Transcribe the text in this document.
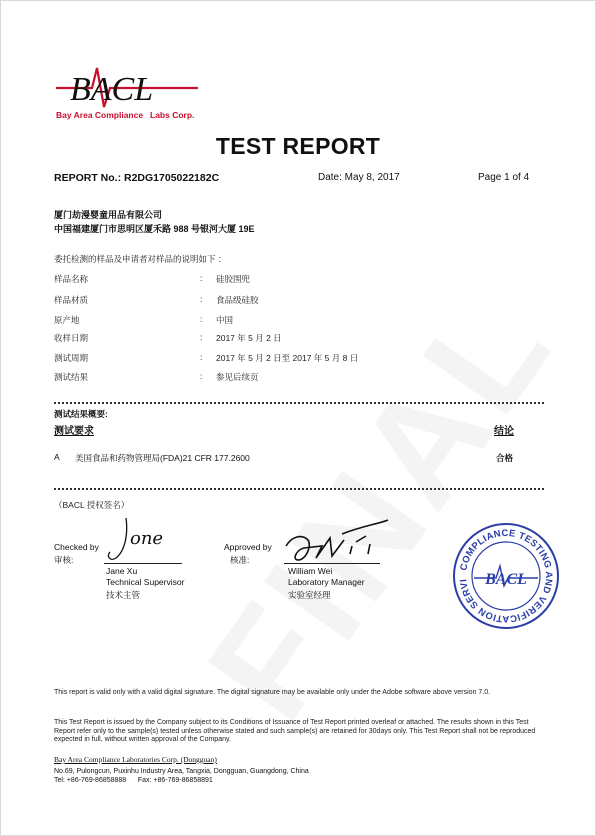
BACL
Bay Area Compliance Labs Corp.
TEST REPORT
REPORT No.: R2DG1705022182C	Date: May 8, 2017	Page 1 of 4
厦门劫漫婴童用品有限公司
中国福建厦门市思明区厦禾路 988 号银河大厦 19E
委托检测的样品及申请者对样品的说明如下 ：
样品名称	: 硅胶围兜
样品材质	: 食品级硅胶
原产地	: 中国
收样日期	: 2017 年 5 月 2 日
测试周期	: 2017 年 5 月 2 日至 2017 年 5 月 8 日
测试结果	: 参见后续页
测试结果概要:
测试要求	结论
A 美国食品和药物管理局(FDA)21 CFR 177.2600	合格
（BACL 授权签名）
Checked by
审核:
one
Jane Xu
Technical Supervisor
技术主管
Approved by
核准:
William Wei
Laboratory Manager
实验室经理
COMPLIANCE TESTING AND VERIFICATION SERVI BACL
This report is valid only with a valid digital signature. The digital signature may be available only under the Adobe software above version 7.0.
This Test Report is issued by the Company subject to its Conditions of Issuance of Test Report printed overleaf or attached. The results shown in this Test Report refer only to the sample(s) tested unless otherwise stated and such sample(s) are retained for 30days only. This Test Report shall not be reproduced expected in full, without written approval of the Company.
Bay Area Compliance Laboratories Corp. (Dongguan)
No.69, Pulongcun, Puxinhu Industry Area, Tangxia, Dongguan, Guangdong, China
Tel: +86-769-86858888      Fax: +86-769-86858891
